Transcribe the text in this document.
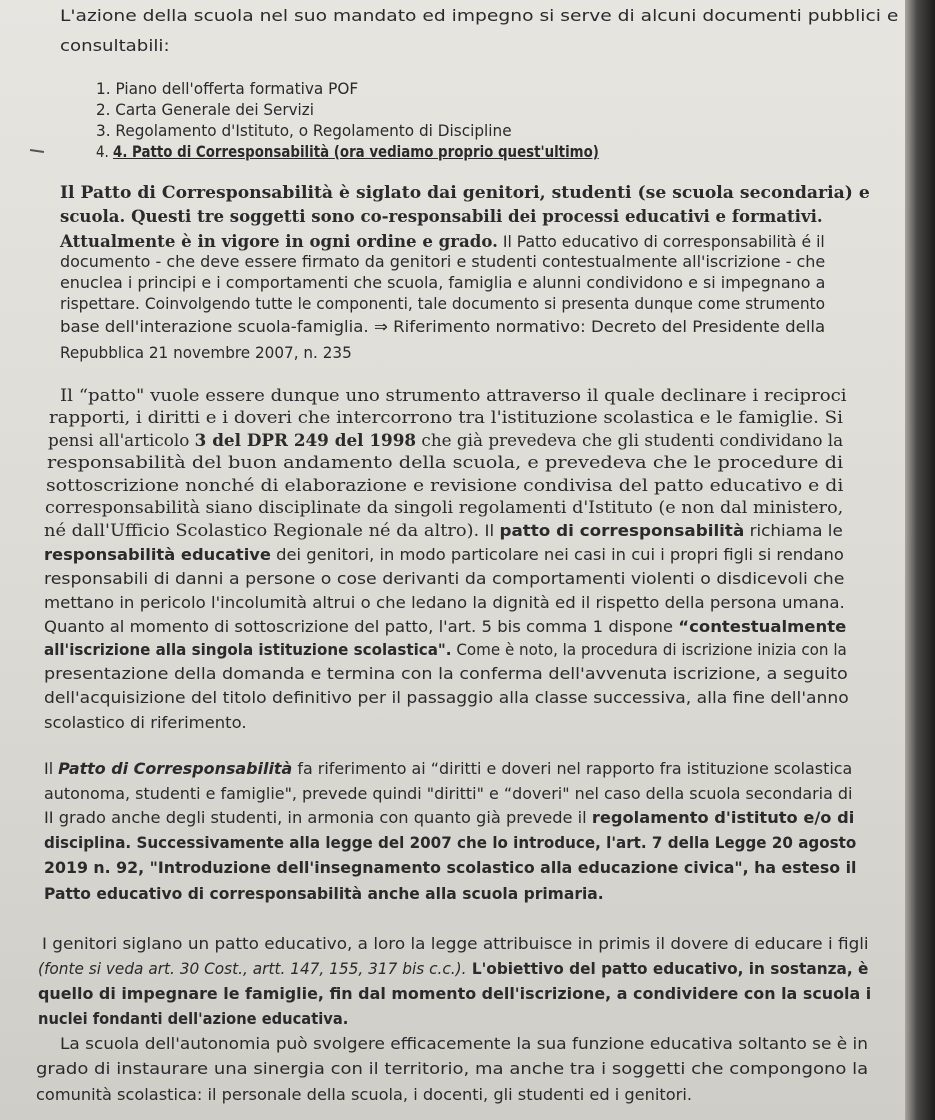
L'azione della scuola nel suo mandato ed impegno si serve di alcuni documenti pubblici e
consultabili:
1. Piano dell'offerta formativa POF
2. Carta Generale dei Servizi
3. Regolamento d'Istituto, o Regolamento di Discipline
4. 4. Patto di Corresponsabilità (ora vediamo proprio quest'ultimo)
Il Patto di Corresponsabilità è siglato dai genitori, studenti (se scuola secondaria) e
scuola. Questi tre soggetti sono co-responsabili dei processi educativi e formativi.
Attualmente è in vigore in ogni ordine e grado. Il Patto educativo di corresponsabilità é il
documento - che deve essere firmato da genitori e studenti contestualmente all'iscrizione - che
enuclea i principi e i comportamenti che scuola, famiglia e alunni condividono e si impegnano a
rispettare. Coinvolgendo tutte le componenti, tale documento si presenta dunque come strumento
base dell'interazione scuola-famiglia. ⇒ Riferimento normativo: Decreto del Presidente della
Repubblica 21 novembre 2007, n. 235
Il “patto" vuole essere dunque uno strumento attraverso il quale declinare i reciproci
rapporti, i diritti e i doveri che intercorrono tra l'istituzione scolastica e le famiglie. Si
pensi all'articolo 3 del DPR 249 del 1998 che già prevedeva che gli studenti condividano la
responsabilità del buon andamento della scuola, e prevedeva che le procedure di
sottoscrizione nonché di elaborazione e revisione condivisa del patto educativo e di
corresponsabilità siano disciplinate da singoli regolamenti d'Istituto (e non dal ministero,
né dall'Ufficio Scolastico Regionale né da altro). Il patto di corresponsabilità richiama le
responsabilità educative dei genitori, in modo particolare nei casi in cui i propri figli si rendano
responsabili di danni a persone o cose derivanti da comportamenti violenti o disdicevoli che
mettano in pericolo l'incolumità altrui o che ledano la dignità ed il rispetto della persona umana.
Quanto al momento di sottoscrizione del patto, l'art. 5 bis comma 1 dispone “contestualmente
all'iscrizione alla singola istituzione scolastica". Come è noto, la procedura di iscrizione inizia con la
presentazione della domanda e termina con la conferma dell'avvenuta iscrizione, a seguito
dell'acquisizione del titolo definitivo per il passaggio alla classe successiva, alla fine dell'anno
scolastico di riferimento.
Il Patto di Corresponsabilità fa riferimento ai “diritti e doveri nel rapporto fra istituzione scolastica
autonoma, studenti e famiglie", prevede quindi "diritti" e “doveri" nel caso della scuola secondaria di
II grado anche degli studenti, in armonia con quanto già prevede il regolamento d'istituto e/o di
disciplina. Successivamente alla legge del 2007 che lo introduce, l'art. 7 della Legge 20 agosto
2019 n. 92, "Introduzione dell'insegnamento scolastico alla educazione civica", ha esteso il
Patto educativo di corresponsabilità anche alla scuola primaria.
I genitori siglano un patto educativo, a loro la legge attribuisce in primis il dovere di educare i figli
(fonte si veda art. 30 Cost., artt. 147, 155, 317 bis c.c.). L'obiettivo del patto educativo, in sostanza, è
quello di impegnare le famiglie, fin dal momento dell'iscrizione, a condividere con la scuola i
nuclei fondanti dell'azione educativa.
La scuola dell'autonomia può svolgere efficacemente la sua funzione educativa soltanto se è in
grado di instaurare una sinergia con il territorio, ma anche tra i soggetti che compongono la
comunità scolastica: il personale della scuola, i docenti, gli studenti ed i genitori.
